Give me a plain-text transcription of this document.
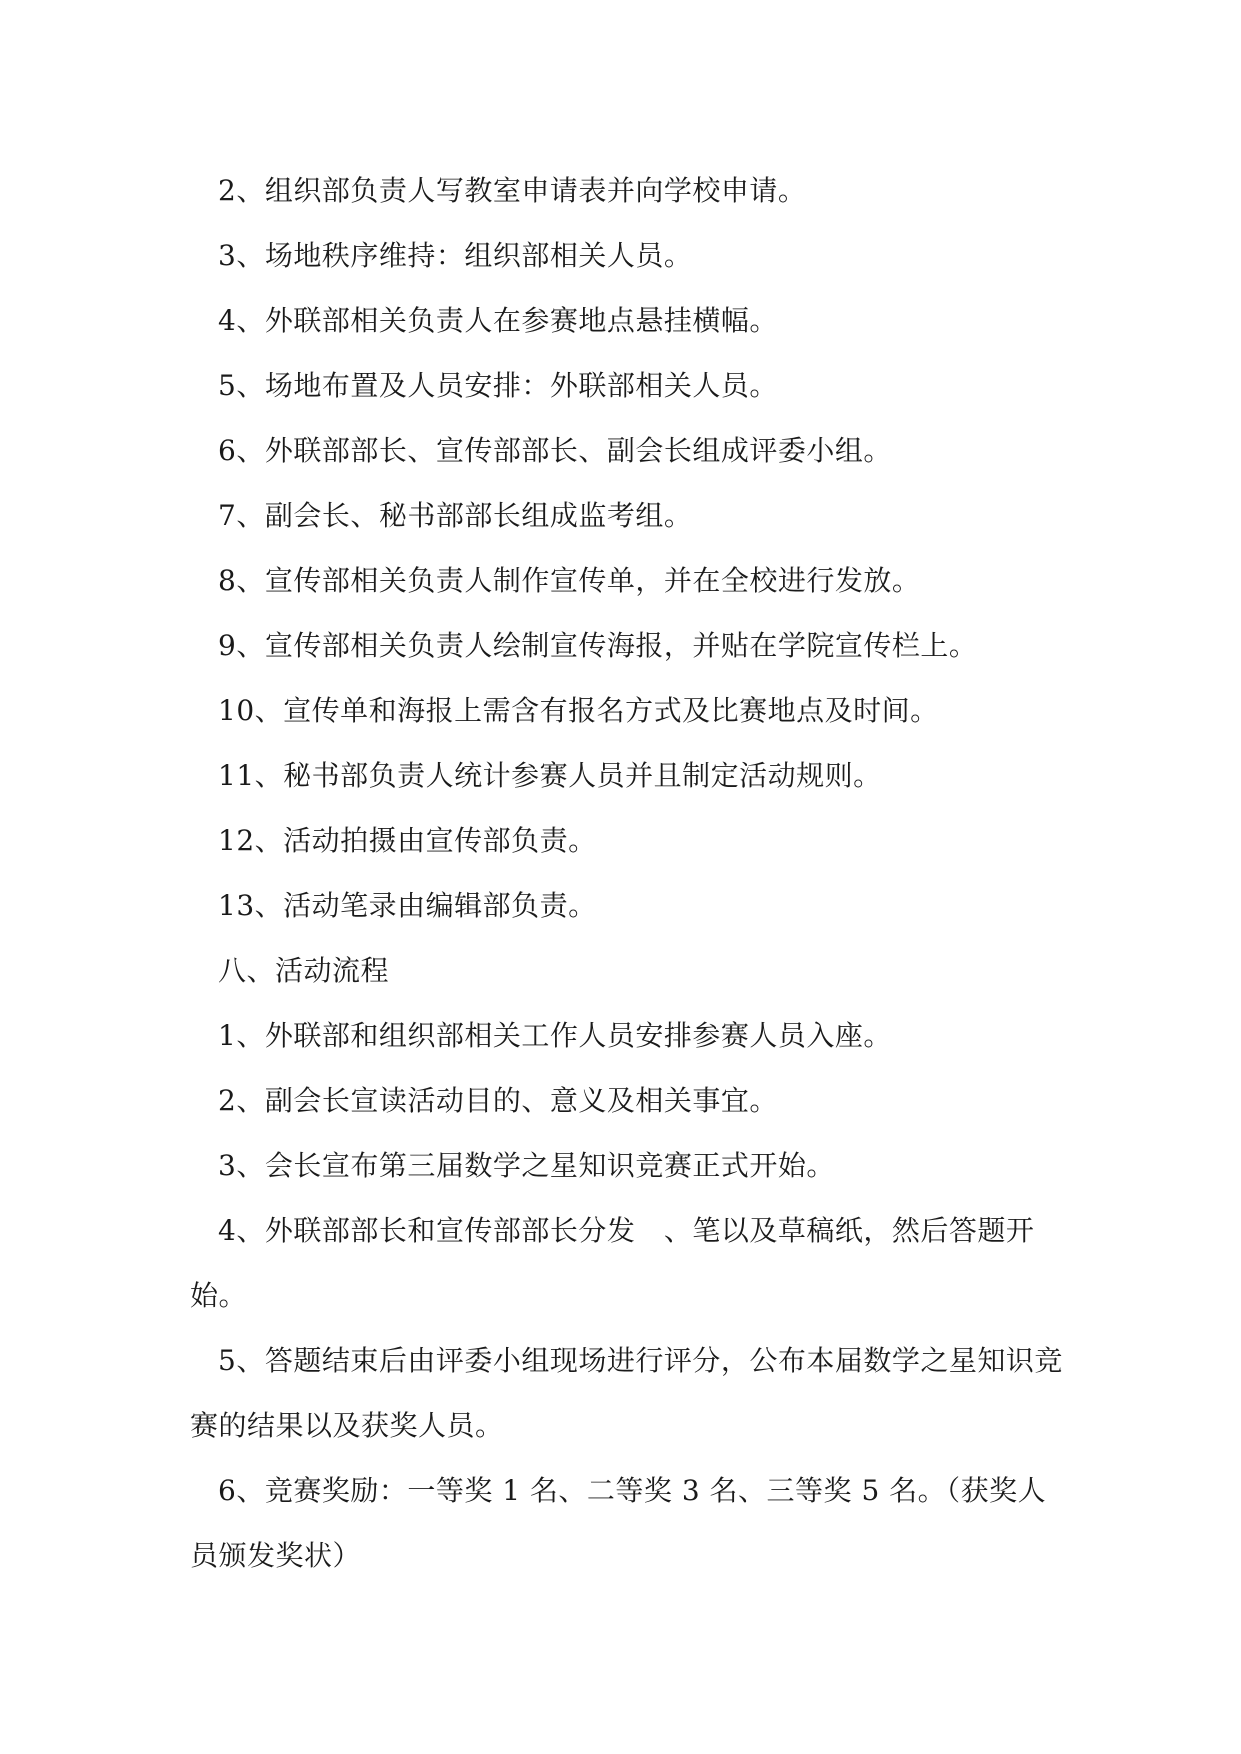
2、组织部负责人写教室申请表并向学校申请。

3、场地秩序维持：组织部相关人员。

4、外联部相关负责人在参赛地点悬挂横幅。

5、场地布置及人员安排：外联部相关人员。

6、外联部部长、宣传部部长、副会长组成评委小组。

7、副会长、秘书部部长组成监考组。

8、宣传部相关负责人制作宣传单，并在全校进行发放。

9、宣传部相关负责人绘制宣传海报，并贴在学院宣传栏上。

10、宣传单和海报上需含有报名方式及比赛地点及时间。

11、秘书部负责人统计参赛人员并且制定活动规则。

12、活动拍摄由宣传部负责。

13、活动笔录由编辑部负责。

八、活动流程

1、外联部和组织部相关工作人员安排参赛人员入座。

2、副会长宣读活动目的、意义及相关事宜。

3、会长宣布第三届数学之星知识竞赛正式开始。

4、外联部部长和宣传部部长分发　、笔以及草稿纸，然后答题开始。

5、答题结束后由评委小组现场进行评分，公布本届数学之星知识竞赛的结果以及获奖人员。

6、竞赛奖励：一等奖 1 名、二等奖 3 名、三等奖 5 名。（获奖人员颁发奖状）
